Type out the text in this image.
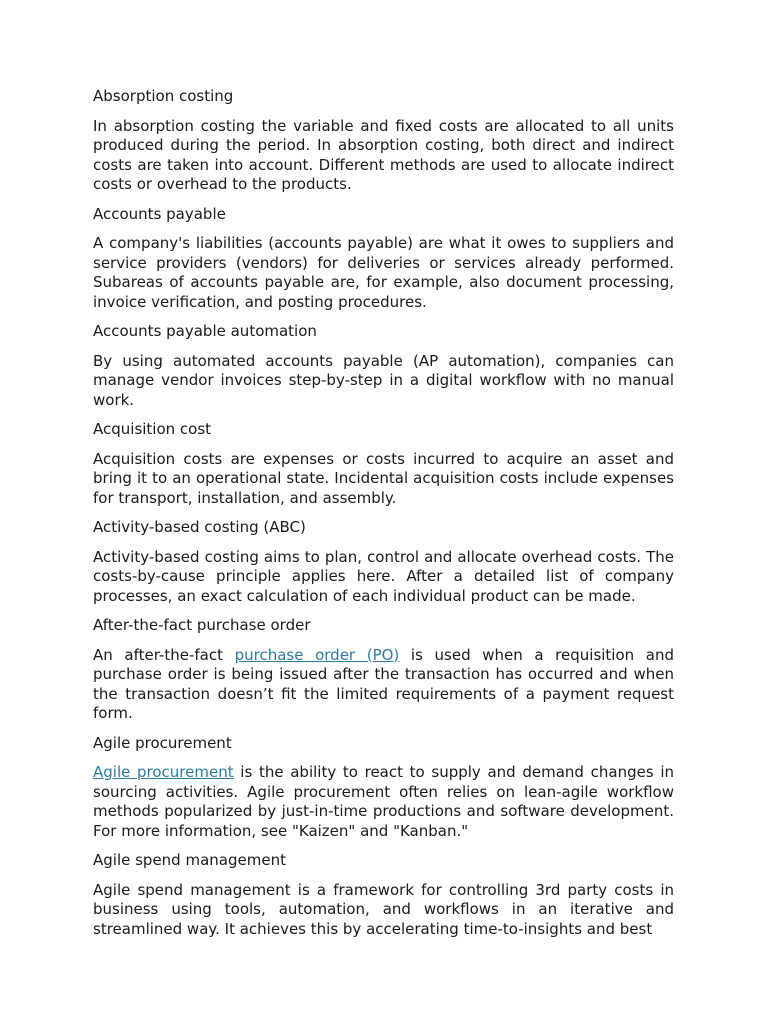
Absorption costing

In absorption costing the variable and fixed costs are allocated to all units produced during the period. In absorption costing, both direct and indirect costs are taken into account. Different methods are used to allocate indirect costs or overhead to the products.

Accounts payable

A company's liabilities (accounts payable) are what it owes to suppliers and service providers (vendors) for deliveries or services already performed. Subareas of accounts payable are, for example, also document processing, invoice verification, and posting procedures.

Accounts payable automation

By using automated accounts payable (AP automation), companies can manage vendor invoices step-by-step in a digital workflow with no manual work.

Acquisition cost

Acquisition costs are expenses or costs incurred to acquire an asset and bring it to an operational state. Incidental acquisition costs include expenses for transport, installation, and assembly.

Activity-based costing (ABC)

Activity-based costing aims to plan, control and allocate overhead costs. The costs-by-cause principle applies here. After a detailed list of company processes, an exact calculation of each individual product can be made.

After-the-fact purchase order

An after-the-fact purchase order (PO) is used when a requisition and purchase order is being issued after the transaction has occurred and when the transaction doesn’t fit the limited requirements of a payment request form.

Agile procurement

Agile procurement is the ability to react to supply and demand changes in sourcing activities. Agile procurement often relies on lean-agile workflow methods popularized by just-in-time productions and software development. For more information, see "Kaizen" and "Kanban."

Agile spend management

Agile spend management is a framework for controlling 3rd party costs in business using tools, automation, and workflows in an iterative and streamlined way. It achieves this by accelerating time-to-insights and best
